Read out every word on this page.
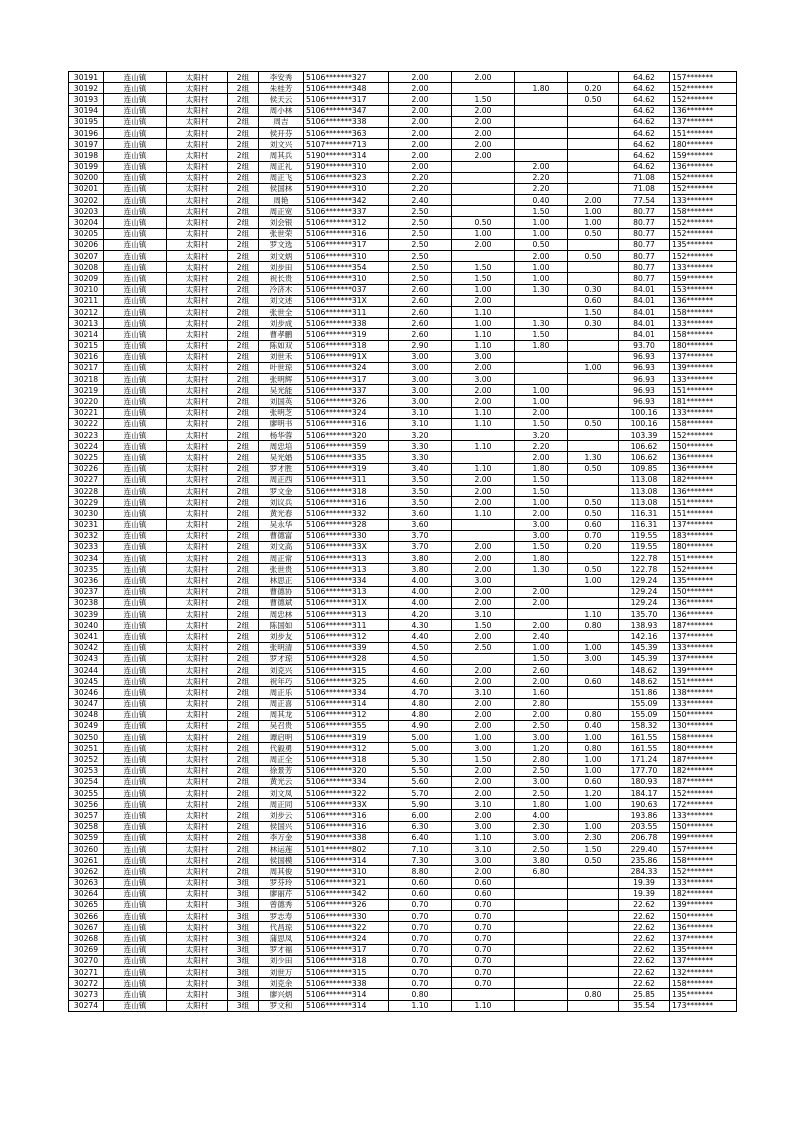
30191	连山镇	太阳村	2组	李安秀	5106*******327	2.00	2.00			64.62	157*******
30192	连山镇	太阳村	2组	朱桂芳	5106*******348	2.00		1.80	0.20	64.62	152*******
30193	连山镇	太阳村	2组	侯天云	5106*******317	2.00	1.50		0.50	64.62	152*******
30194	连山镇	太阳村	2组	周小林	5106*******347	2.00	2.00			64.62	136*******
30195	连山镇	太阳村	2组	周吉	5106*******338	2.00	2.00			64.62	137*******
30196	连山镇	太阳村	2组	侯开芬	5106*******363	2.00	2.00			64.62	151*******
30197	连山镇	太阳村	2组	刘文兴	5107*******713	2.00	2.00			64.62	180*******
30198	连山镇	太阳村	2组	周其兵	5190*******314	2.00	2.00			64.62	159*******
30199	连山镇	太阳村	2组	周正礼	5190*******310	2.00		2.00		64.62	136*******
30200	连山镇	太阳村	2组	周正飞	5106*******323	2.20		2.20		71.08	152*******
30201	连山镇	太阳村	2组	侯国林	5190*******310	2.20		2.20		71.08	152*******
30202	连山镇	太阳村	2组	周艳	5106*******342	2.40		0.40	2.00	77.54	133*******
30203	连山镇	太阳村	2组	周正宽	5106*******337	2.50		1.50	1.00	80.77	158*******
30204	连山镇	太阳村	2组	刘会银	5106*******312	2.50	0.50	1.00	1.00	80.77	152*******
30205	连山镇	太阳村	2组	张世荣	5106*******316	2.50	1.00	1.00	0.50	80.77	152*******
30206	连山镇	太阳村	2组	罗文选	5106*******317	2.50	2.00	0.50		80.77	135*******
30207	连山镇	太阳村	2组	刘文炳	5106*******310	2.50		2.00	0.50	80.77	152*******
30208	连山镇	太阳村	2组	刘步田	5106*******354	2.50	1.50	1.00		80.77	133*******
30209	连山镇	太阳村	2组	祝长贵	5106*******310	2.50	1.50	1.00		80.77	159*******
30210	连山镇	太阳村	2组	冷济木	5106*******037	2.60	1.00	1.30	0.30	84.01	153*******
30211	连山镇	太阳村	2组	刘文述	5106*******31X	2.60	2.00		0.60	84.01	136*******
30212	连山镇	太阳村	2组	张世全	5106*******311	2.60	1.10		1.50	84.01	158*******
30213	连山镇	太阳村	2组	刘步成	5106*******338	2.60	1.00	1.30	0.30	84.01	133*******
30214	连山镇	太阳村	2组	曹孝鹏	5106*******319	2.60	1.10	1.50		84.01	158*******
30215	连山镇	太阳村	2组	陈如双	5106*******318	2.90	1.10	1.80		93.70	180*******
30216	连山镇	太阳村	2组	刘世禾	5106*******91X	3.00	3.00			96.93	137*******
30217	连山镇	太阳村	2组	叶世琼	5106*******324	3.00	2.00		1.00	96.93	139*******
30218	连山镇	太阳村	2组	张明辉	5106*******317	3.00	3.00			96.93	133*******
30219	连山镇	太阳村	2组	吴光能	5106*******337	3.00	2.00	1.00		96.93	151*******
30220	连山镇	太阳村	2组	刘国英	5106*******326	3.00	2.00	1.00		96.93	181*******
30221	连山镇	太阳村	2组	张明芝	5106*******324	3.10	1.10	2.00		100.16	133*******
30222	连山镇	太阳村	2组	廖明书	5106*******316	3.10	1.10	1.50	0.50	100.16	158*******
30223	连山镇	太阳村	2组	杨华蓉	5106*******320	3.20		3.20		103.39	152*******
30224	连山镇	太阳村	2组	周忠培	5106*******359	3.30	1.10	2.20		106.62	150*******
30225	连山镇	太阳村	2组	吴光婚	5106*******335	3.30		2.00	1.30	106.62	136*******
30226	连山镇	太阳村	2组	罗才胜	5106*******319	3.40	1.10	1.80	0.50	109.85	136*******
30227	连山镇	太阳村	2组	周正西	5106*******311	3.50	2.00	1.50		113.08	182*******
30228	连山镇	太阳村	2组	罗文金	5106*******318	3.50	2.00	1.50		113.08	136*******
30229	连山镇	太阳村	2组	刘议兵	5106*******316	3.50	2.00	1.00	0.50	113.08	151*******
30230	连山镇	太阳村	2组	黄光春	5106*******332	3.60	1.10	2.00	0.50	116.31	151*******
30231	连山镇	太阳村	2组	吴永华	5106*******328	3.60		3.00	0.60	116.31	137*******
30232	连山镇	太阳村	2组	曹德富	5106*******330	3.70		3.00	0.70	119.55	183*******
30233	连山镇	太阳村	2组	刘文高	5106*******33X	3.70	2.00	1.50	0.20	119.55	180*******
30234	连山镇	太阳村	2组	周正常	5106*******313	3.80	2.00	1.80		122.78	151*******
30235	连山镇	太阳村	2组	张世贵	5106*******313	3.80	2.00	1.30	0.50	122.78	152*******
30236	连山镇	太阳村	2组	林思正	5106*******334	4.00	3.00		1.00	129.24	135*******
30237	连山镇	太阳村	2组	曹德协	5106*******313	4.00	2.00	2.00		129.24	150*******
30238	连山镇	太阳村	2组	曹德斌	5106*******31X	4.00	2.00	2.00		129.24	136*******
30239	连山镇	太阳村	2组	周忠林	5106*******313	4.20	3.10		1.10	135.70	136*******
30240	连山镇	太阳村	2组	陈国如	5106*******311	4.30	1.50	2.00	0.80	138.93	187*******
30241	连山镇	太阳村	2组	刘步友	5106*******312	4.40	2.00	2.40		142.16	137*******
30242	连山镇	太阳村	2组	张明清	5106*******339	4.50	2.50	1.00	1.00	145.39	133*******
30243	连山镇	太阳村	2组	罗才琼	5106*******328	4.50		1.50	3.00	145.39	137*******
30244	连山镇	太阳村	2组	刘克兴	5106*******315	4.60	2.00	2.60		148.62	139*******
30245	连山镇	太阳村	2组	祝年巧	5106*******325	4.60	2.00	2.00	0.60	148.62	151*******
30246	连山镇	太阳村	2组	周正乐	5106*******334	4.70	3.10	1.60		151.86	138*******
30247	连山镇	太阳村	2组	周正喜	5106*******314	4.80	2.00	2.80		155.09	133*******
30248	连山镇	太阳村	2组	周其龙	5106*******312	4.80	2.00	2.00	0.80	155.09	150*******
30249	连山镇	太阳村	2组	吴召贵	5106*******355	4.90	2.00	2.50	0.40	158.32	130*******
30250	连山镇	太阳村	2组	谭启明	5106*******319	5.00	1.00	3.00	1.00	161.55	158*******
30251	连山镇	太阳村	2组	代毅勇	5190*******312	5.00	3.00	1.20	0.80	161.55	180*******
30252	连山镇	太阳村	2组	周正全	5106*******318	5.30	1.50	2.80	1.00	171.24	187*******
30253	连山镇	太阳村	2组	徐景芳	5106*******320	5.50	2.00	2.50	1.00	177.70	182*******
30254	连山镇	太阳村	2组	黄光云	5106*******334	5.60	2.00	3.00	0.60	180.93	187*******
30255	连山镇	太阳村	2组	刘文凤	5106*******322	5.70	2.00	2.50	1.20	184.17	152*******
30256	连山镇	太阳村	2组	周正同	5106*******33X	5.90	3.10	1.80	1.00	190.63	172*******
30257	连山镇	太阳村	2组	刘步云	5106*******316	6.00	2.00	4.00		193.86	133*******
30258	连山镇	太阳村	2组	侯国兴	5106*******316	6.30	3.00	2.30	1.00	203.55	150*******
30259	连山镇	太阳村	2组	李万金	5190*******338	6.40	1.10	3.00	2.30	206.78	199*******
30260	连山镇	太阳村	2组	林运莲	5101*******802	7.10	3.10	2.50	1.50	229.40	157*******
30261	连山镇	太阳村	2组	侯国模	5106*******314	7.30	3.00	3.80	0.50	235.86	158*******
30262	连山镇	太阳村	2组	周其俊	5190*******310	8.80	2.00	6.80		284.33	152*******
30263	连山镇	太阳村	3组	罗芬玲	5106*******321	0.60	0.60			19.39	133*******
30264	连山镇	太阳村	3组	廖丽芹	5106*******342	0.60	0.60			19.39	182*******
30265	连山镇	太阳村	3组	曾德秀	5106*******326	0.70	0.70			22.62	139*******
30266	连山镇	太阳村	3组	罗志寿	5106*******330	0.70	0.70			22.62	150*******
30267	连山镇	太阳村	3组	代昌琼	5106*******322	0.70	0.70			22.62	136*******
30268	连山镇	太阳村	3组	蒲思凤	5106*******324	0.70	0.70			22.62	137*******
30269	连山镇	太阳村	3组	罗才福	5106*******317	0.70	0.70			22.62	135*******
30270	连山镇	太阳村	3组	刘少田	5106*******318	0.70	0.70			22.62	137*******
30271	连山镇	太阳村	3组	刘世万	5106*******315	0.70	0.70			22.62	132*******
30272	连山镇	太阳村	3组	刘克余	5106*******338	0.70	0.70			22.62	158*******
30273	连山镇	太阳村	3组	廖兴炳	5106*******314	0.80			0.80	25.85	135*******
30274	连山镇	太阳村	3组	罗文和	5106*******314	1.10	1.10			35.54	173*******
